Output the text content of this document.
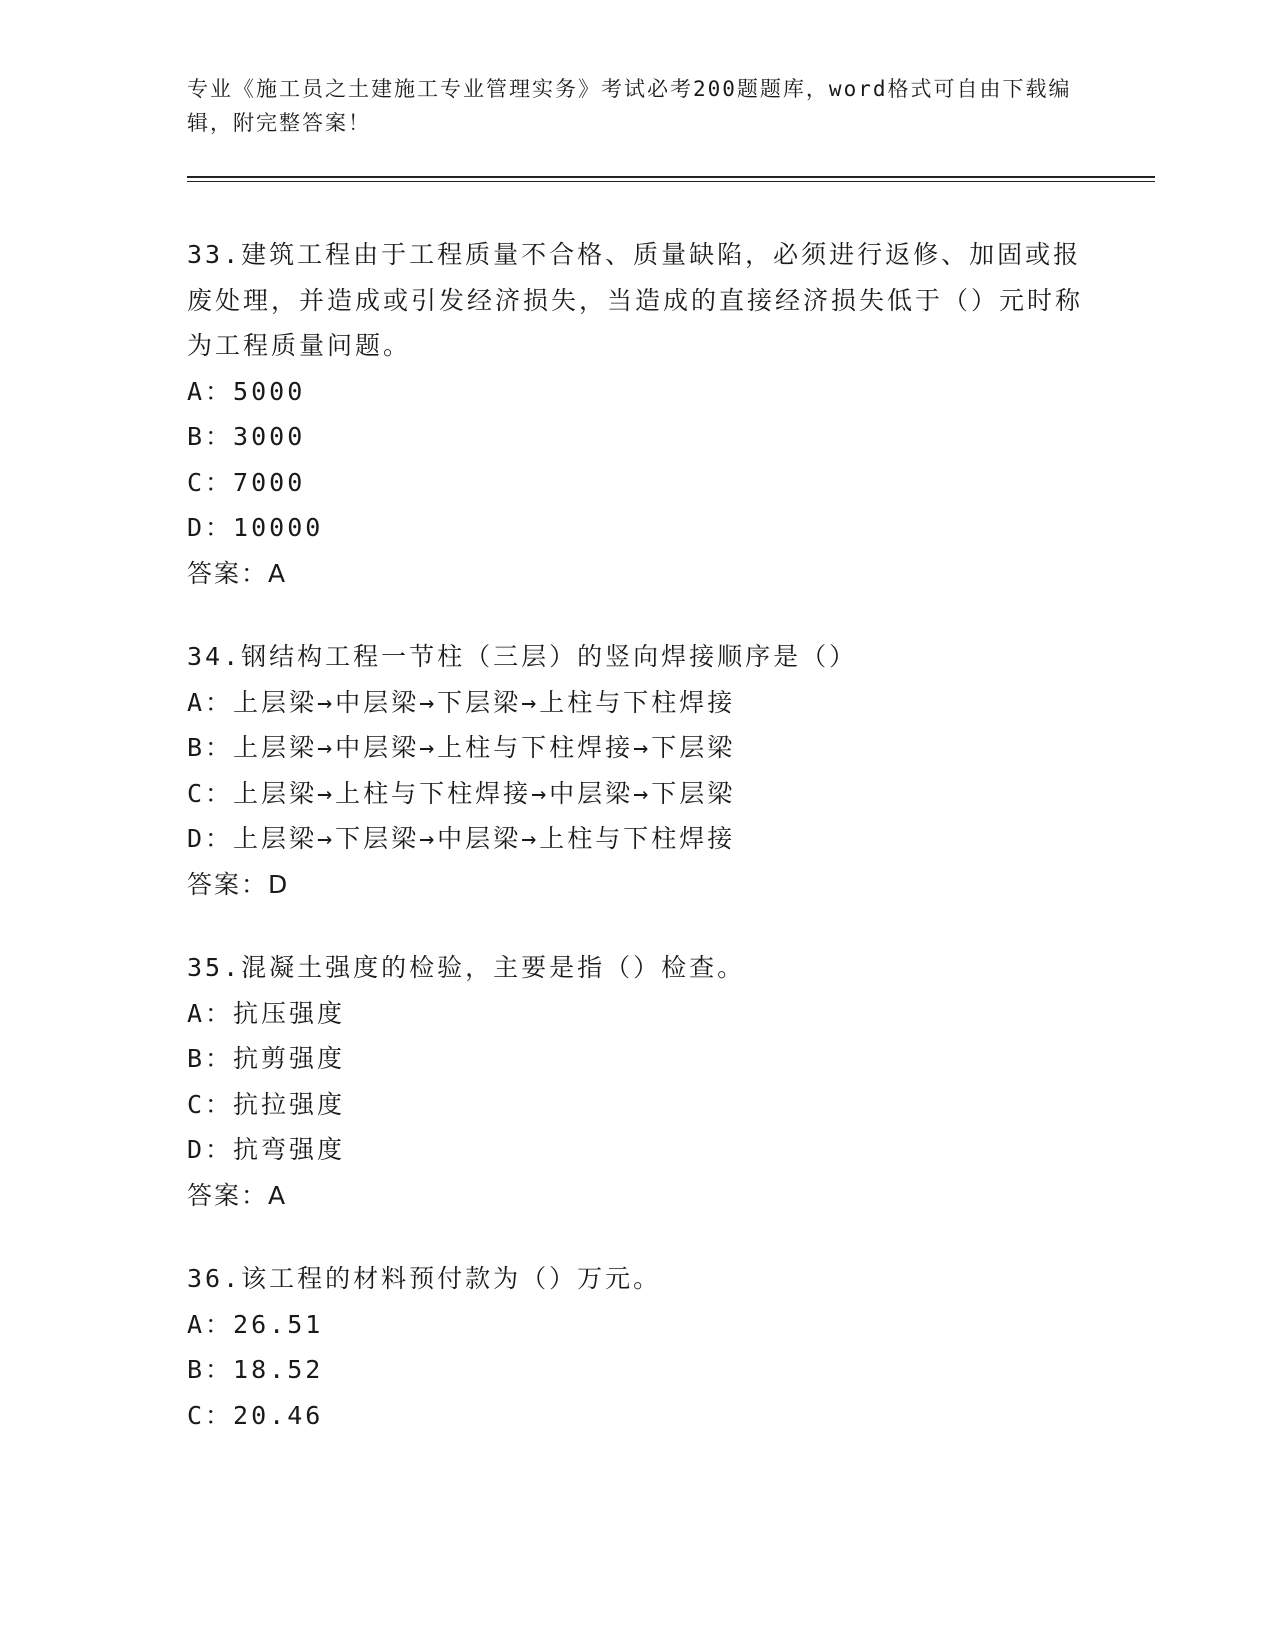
专业《施工员之土建施工专业管理实务》考试必考200题题库，word格式可自由下载编辑，附完整答案！
33.建筑工程由于工程质量不合格、质量缺陷，必须进行返修、加固或报废处理，并造成或引发经济损失，当造成的直接经济损失低于（）元时称为工程质量问题。
A：5000
B：3000
C：7000
D：10000
答案：A
34.钢结构工程一节柱（三层）的竖向焊接顺序是（）
A：上层梁→中层梁→下层梁→上柱与下柱焊接
B：上层梁→中层梁→上柱与下柱焊接→下层梁
C：上层梁→上柱与下柱焊接→中层梁→下层梁
D：上层梁→下层梁→中层梁→上柱与下柱焊接
答案：D
35.混凝土强度的检验，主要是指（）检查。
A：抗压强度
B：抗剪强度
C：抗拉强度
D：抗弯强度
答案：A
36.该工程的材料预付款为（）万元。
A：26.51
B：18.52
C：20.46
